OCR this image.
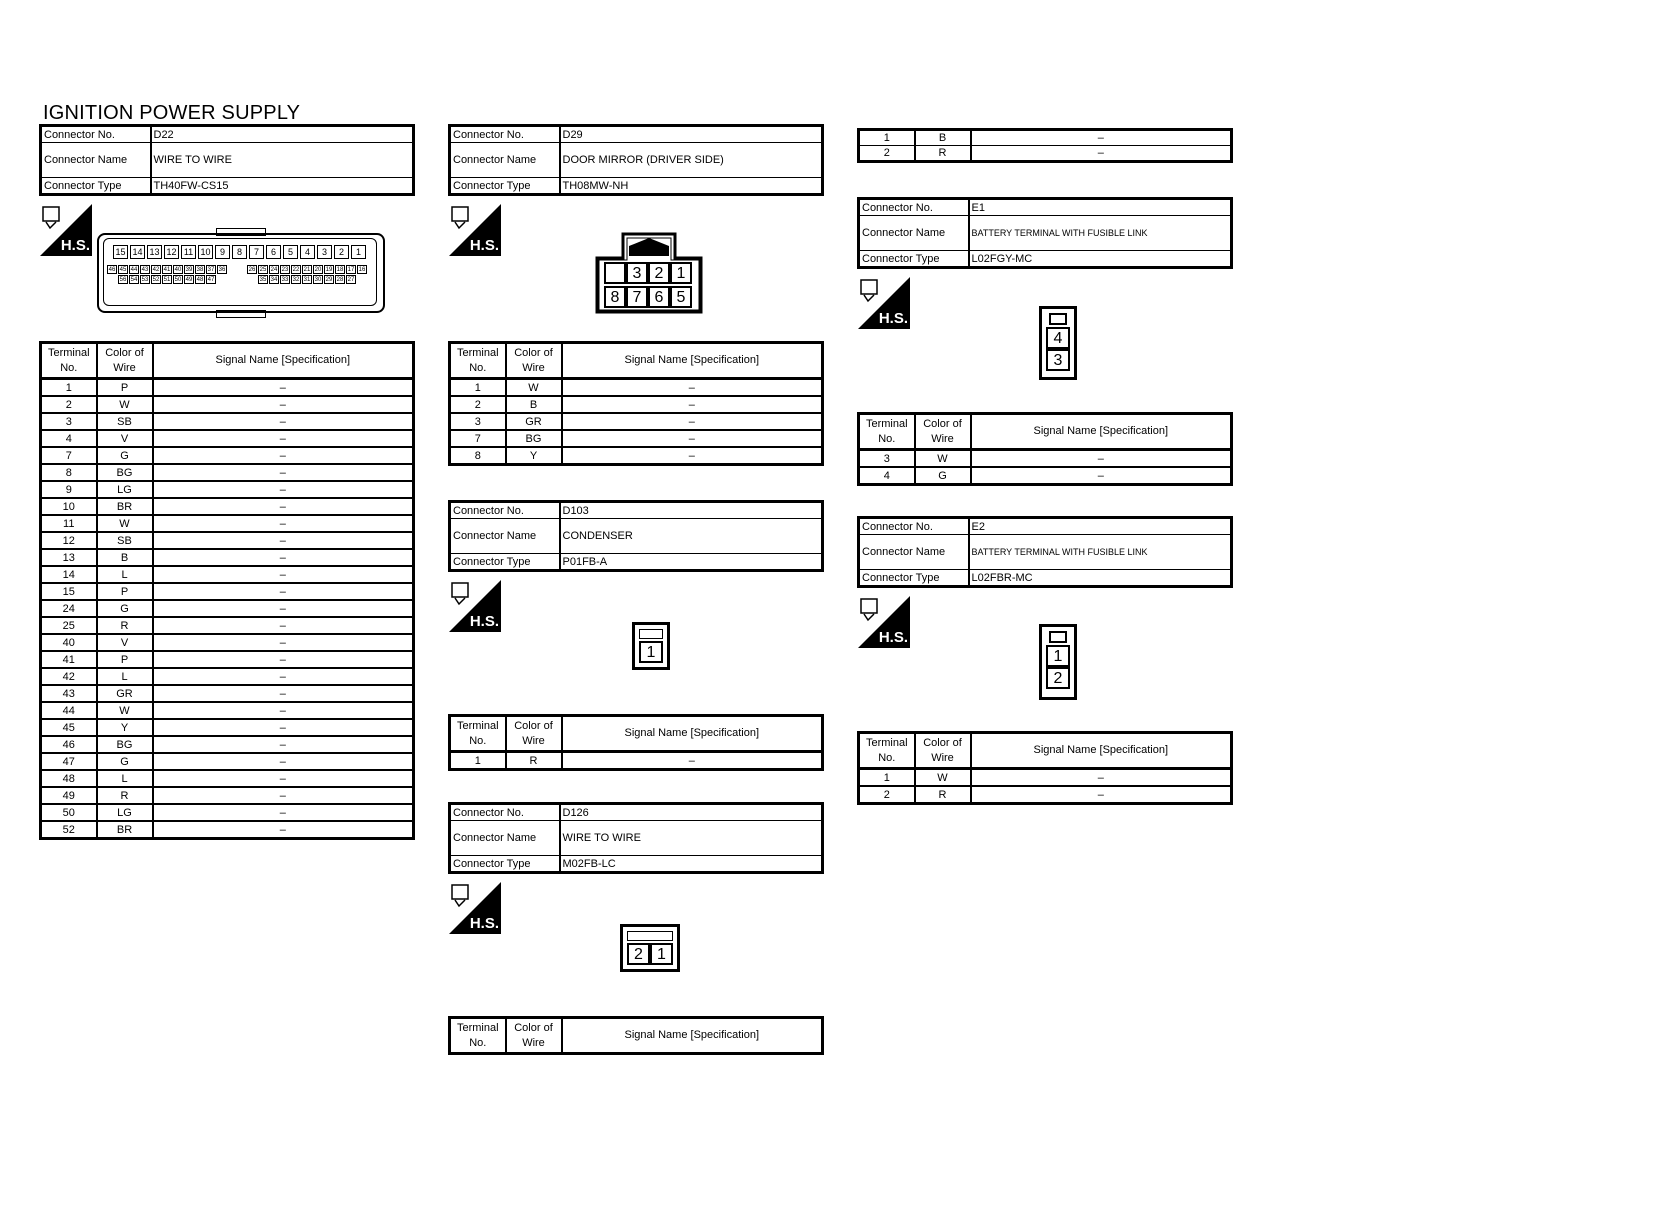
IGNITION POWER SUPPLY
Connector No.	D22
Connector Name	WIRE TO WIRE
Connector Type	TH40FW-CS15
H.S.	15 14 13 12 11 10	9	8	7	6	5	4	3	2	1
46 45 44 43 42 41 40 39 38 37 36	26 25 24 23 22 21 20 19 18 17 16
56 54 53 52 51 50 49 48 47	35 34 33 32 31 30 29 28 27
Terminal No.	Color of Wire	Signal Name [Specification]
1	P	–
2	W	–
3	SB	–
4	V	–
7	G	–
8	BG	–
9	LG	–
10	BR	–
11	W	–
12	SB	–
13	B	–
14	L	–
15	P	–
24	G	–
25	R	–
40	V	–
41	P	–
42	L	–
43	GR	–
44	W	–
45	Y	–
46	BG	–
47	G	–
48	L	–
49	R	–
50	LG	–
52	BR	–
Connector No.	D29
Connector Name	DOOR MIRROR (DRIVER SIDE)
Connector Type	TH08MW-NH
H.S.
3 2 1
8 7 6 5
Terminal No.	Color of Wire	Signal Name [Specification]
1	W	–
2	B	–
3	GR	–
7	BG	–
8	Y	–
Connector No.	D103
Connector Name	CONDENSER
Connector Type	P01FB-A
H.S.
1
Terminal No.	Color of Wire	Signal Name [Specification]
1	R	–
Connector No.	D126
Connector Name	WIRE TO WIRE
Connector Type	M02FB-LC
H.S.
2 1
Terminal No.	Color of Wire	Signal Name [Specification]
1	B	–
2	R	–
Connector No.	E1
Connector Name	BATTERY TERMINAL WITH FUSIBLE LINK
Connector Type	L02FGY-MC
H.S.
4
3
Terminal No.	Color of Wire	Signal Name [Specification]
3	W	–
4	G	–
Connector No.	E2
Connector Name	BATTERY TERMINAL WITH FUSIBLE LINK
Connector Type	L02FBR-MC
H.S.
1
2
Terminal No.	Color of Wire	Signal Name [Specification]
1	W	–
2	R	–
